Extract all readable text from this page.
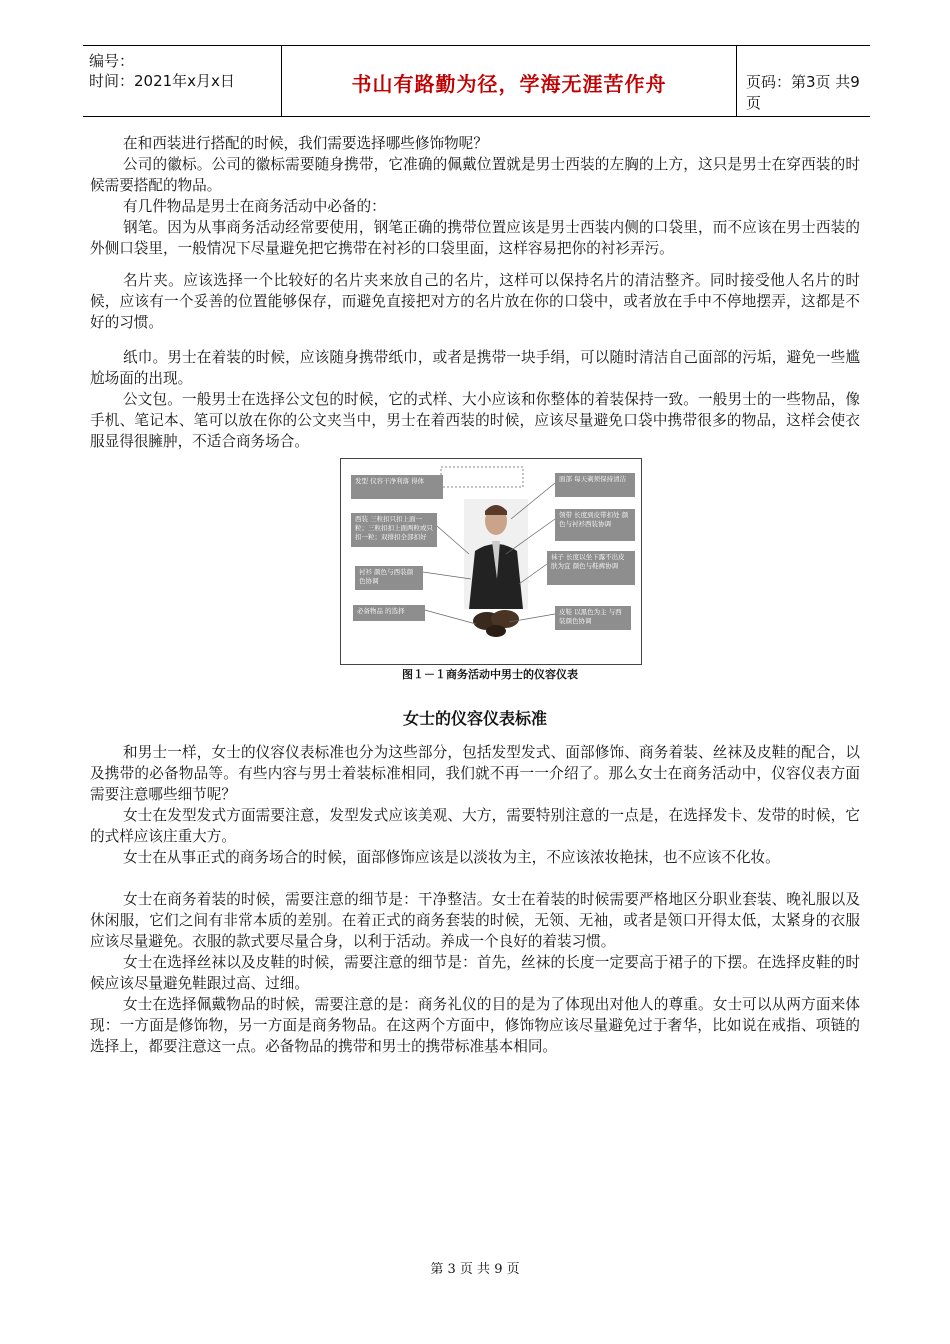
编号：
时间：2021年x月x日	书山有路勤为径，学海无涯苦作舟	页码：第3页 共9页

在和西装进行搭配的时候，我们需要选择哪些修饰物呢？

公司的徽标。公司的徽标需要随身携带，它准确的佩戴位置就是男士西装的左胸的上方，这只是男士在穿西装的时候需要搭配的物品。

有几件物品是男士在商务活动中必备的：

钢笔。因为从事商务活动经常要使用，钢笔正确的携带位置应该是男士西装内侧的口袋里，而不应该在男士西装的外侧口袋里，一般情况下尽量避免把它携带在衬衫的口袋里面，这样容易把你的衬衫弄污。

名片夹。应该选择一个比较好的名片夹来放自己的名片，这样可以保持名片的清洁整齐。同时接受他人名片的时候，应该有一个妥善的位置能够保存，而避免直接把对方的名片放在你的口袋中，或者放在手中不停地摆弄，这都是不好的习惯。

纸巾。男士在着装的时候，应该随身携带纸巾，或者是携带一块手绢，可以随时清洁自己面部的污垢，避免一些尴尬场面的出现。

公文包。一般男士在选择公文包的时候，它的式样、大小应该和你整体的着装保持一致。一般男士的一些物品，像手机、笔记本、笔可以放在你的公文夹当中，男士在着西装的时候，应该尽量避免口袋中携带很多的物品，这样会使衣服显得很臃肿，不适合商务场合。

发型 仪容干净利落 得体
西装 三粒扣只扣上面一粒；三粒扣扣上面两粒或只扣一粒；双排扣全部扣好
衬衫 颜色与西装颜色协调
必备物品 的选择
面部 每天剃须保持清洁
领带 长度到皮带扣处 颜色与衬衫西装协调
袜子 长度以坐下露不出皮肤为宜 颜色与鞋裤协调
皮鞋 以黑色为主 与西装颜色协调
图１－１商务活动中男士的仪容仪表
女士的仪容仪表标准

和男士一样，女士的仪容仪表标准也分为这些部分，包括发型发式、面部修饰、商务着装、丝袜及皮鞋的配合，以及携带的必备物品等。有些内容与男士着装标准相同，我们就不再一一介绍了。那么女士在商务活动中，仪容仪表方面需要注意哪些细节呢？

女士在发型发式方面需要注意，发型发式应该美观、大方，需要特别注意的一点是，在选择发卡、发带的时候，它的式样应该庄重大方。

女士在从事正式的商务场合的时候，面部修饰应该是以淡妆为主，不应该浓妆艳抹，也不应该不化妆。

女士在商务着装的时候，需要注意的细节是：干净整洁。女士在着装的时候需要严格地区分职业套装、晚礼服以及休闲服，它们之间有非常本质的差别。在着正式的商务套装的时候，无领、无袖，或者是领口开得太低，太紧身的衣服应该尽量避免。衣服的款式要尽量合身，以利于活动。养成一个良好的着装习惯。

女士在选择丝袜以及皮鞋的时候，需要注意的细节是：首先，丝袜的长度一定要高于裙子的下摆。在选择皮鞋的时候应该尽量避免鞋跟过高、过细。

女士在选择佩戴物品的时候，需要注意的是：商务礼仪的目的是为了体现出对他人的尊重。女士可以从两方面来体现：一方面是修饰物，另一方面是商务物品。在这两个方面中，修饰物应该尽量避免过于奢华，比如说在戒指、项链的选择上，都要注意这一点。必备物品的携带和男士的携带标准基本相同。

第 3 页 共 9 页
